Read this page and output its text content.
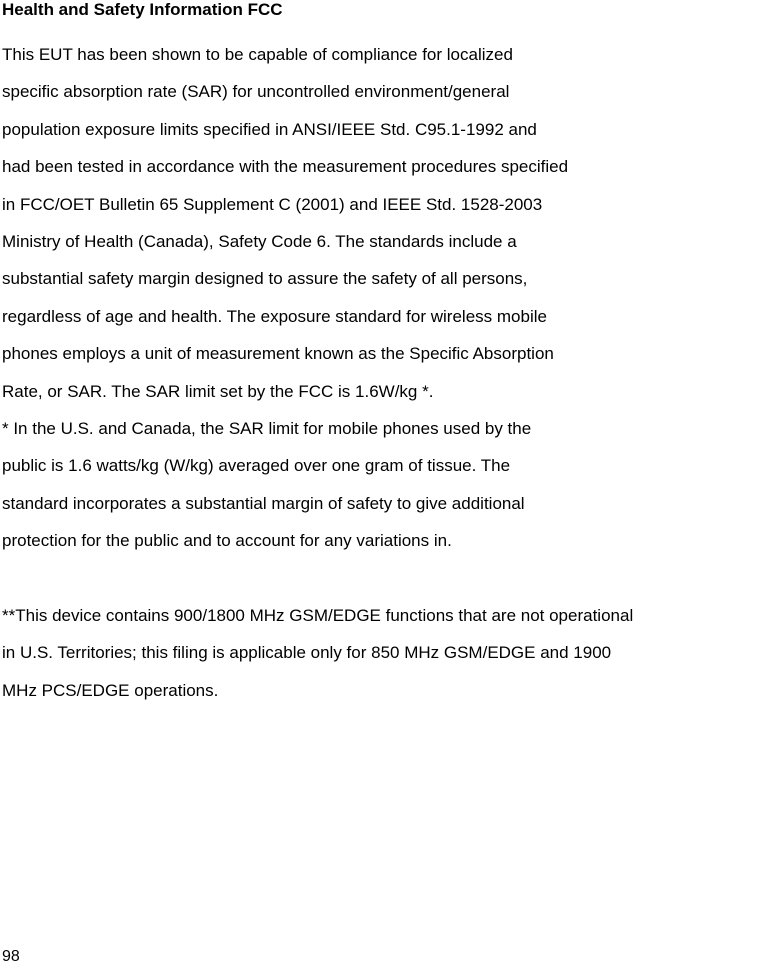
Health and Safety Information FCC
This EUT has been shown to be capable of compliance for localized
specific absorption rate (SAR) for uncontrolled environment/general
population exposure limits specified in ANSI/IEEE Std. C95.1-1992 and
had been tested in accordance with the measurement procedures specified
in FCC/OET Bulletin 65 Supplement C (2001) and IEEE Std. 1528-2003
Ministry of Health (Canada), Safety Code 6. The standards include a
substantial safety margin designed to assure the safety of all persons,
regardless of age and health. The exposure standard for wireless mobile
phones employs a unit of measurement known as the Specific Absorption
Rate, or SAR. The SAR limit set by the FCC is 1.6W/kg *.
* In the U.S. and Canada, the SAR limit for mobile phones used by the
public is 1.6 watts/kg (W/kg) averaged over one gram of tissue. The
standard incorporates a substantial margin of safety to give additional
protection for the public and to account for any variations in.
**This device contains 900/1800 MHz GSM/EDGE functions that are not operational
in U.S. Territories; this filing is applicable only for 850 MHz GSM/EDGE and 1900
MHz PCS/EDGE operations.
98
